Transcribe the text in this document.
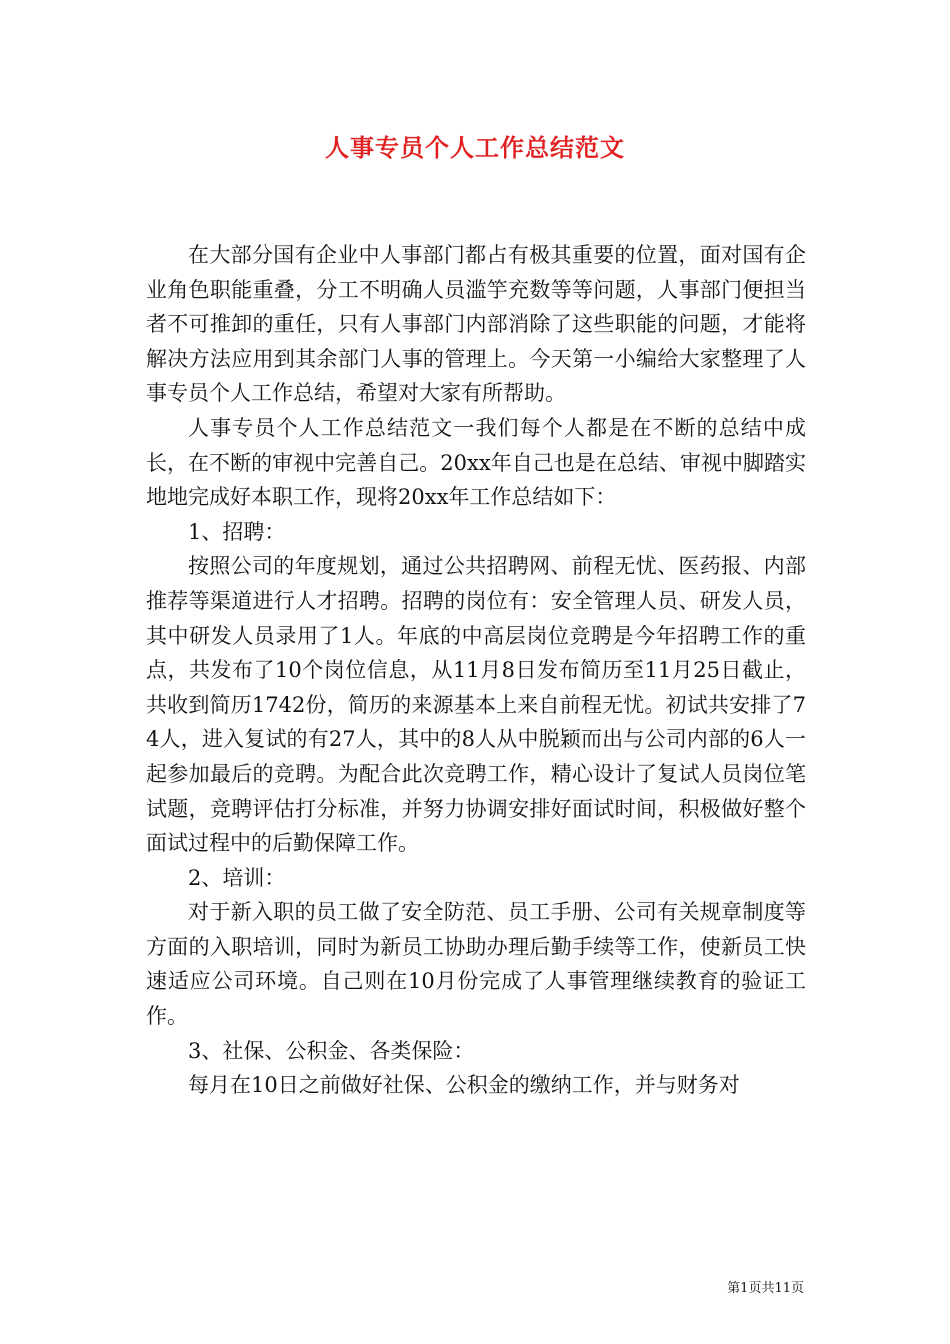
人事专员个人工作总结范文

在大部分国有企业中人事部门都占有极其重要的位置，面对国有企业角色职能重叠，分工不明确人员滥竽充数等等问题，人事部门便担当者不可推卸的重任，只有人事部门内部消除了这些职能的问题，才能将解决方法应用到其余部门人事的管理上。今天第一小编给大家整理了人事专员个人工作总结，希望对大家有所帮助。

人事专员个人工作总结范文一我们每个人都是在不断的总结中成长，在不断的审视中完善自己。20xx年自己也是在总结、审视中脚踏实地地完成好本职工作，现将20xx年工作总结如下：

1、招聘：

按照公司的年度规划，通过公共招聘网、前程无忧、医药报、内部推荐等渠道进行人才招聘。招聘的岗位有：安全管理人员、研发人员，其中研发人员录用了1人。年底的中高层岗位竞聘是今年招聘工作的重点，共发布了10个岗位信息，从11月8日发布简历至11月25日截止，共收到简历1742份，简历的来源基本上来自前程无忧。初试共安排了74人，进入复试的有27人，其中的8人从中脱颖而出与公司内部的6人一起参加最后的竞聘。为配合此次竞聘工作，精心设计了复试人员岗位笔试题，竞聘评估打分标准，并努力协调安排好面试时间，积极做好整个面试过程中的后勤保障工作。

2、培训：

对于新入职的员工做了安全防范、员工手册、公司有关规章制度等方面的入职培训，同时为新员工协助办理后勤手续等工作，使新员工快速适应公司环境。自己则在10月份完成了人事管理继续教育的验证工作。

3、社保、公积金、各类保险：

每月在10日之前做好社保、公积金的缴纳工作，并与财务对

第1页共11页
